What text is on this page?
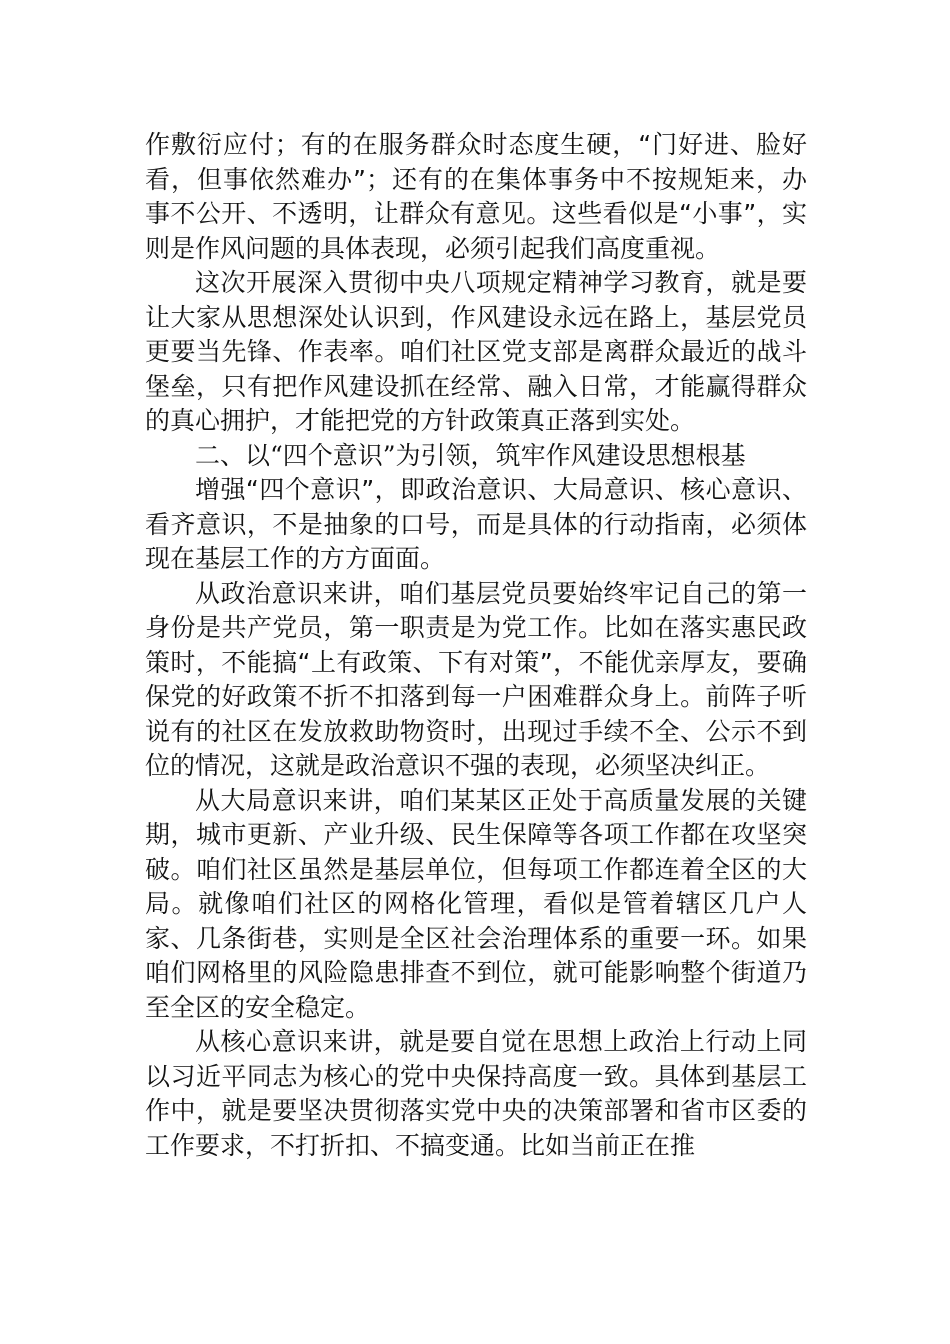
作敷衍应付；有的在服务群众时态度生硬，“门好进、脸好看，但事依然难办”；还有的在集体事务中不按规矩来，办事不公开、不透明，让群众有意见。这些看似是“小事”，实则是作风问题的具体表现，必须引起我们高度重视。

这次开展深入贯彻中央八项规定精神学习教育，就是要让大家从思想深处认识到，作风建设永远在路上，基层党员更要当先锋、作表率。咱们社区党支部是离群众最近的战斗堡垒，只有把作风建设抓在经常、融入日常，才能赢得群众的真心拥护，才能把党的方针政策真正落到实处。

二、以“四个意识”为引领，筑牢作风建设思想根基

增强“四个意识”，即政治意识、大局意识、核心意识、看齐意识，不是抽象的口号，而是具体的行动指南，必须体现在基层工作的方方面面。

从政治意识来讲，咱们基层党员要始终牢记自己的第一身份是共产党员，第一职责是为党工作。比如在落实惠民政策时，不能搞“上有政策、下有对策”，不能优亲厚友，要确保党的好政策不折不扣落到每一户困难群众身上。前阵子听说有的社区在发放救助物资时，出现过手续不全、公示不到位的情况，这就是政治意识不强的表现，必须坚决纠正。

从大局意识来讲，咱们某某区正处于高质量发展的关键期，城市更新、产业升级、民生保障等各项工作都在攻坚突破。咱们社区虽然是基层单位，但每项工作都连着全区的大局。就像咱们社区的网格化管理，看似是管着辖区几户人家、几条街巷，实则是全区社会治理体系的重要一环。如果咱们网格里的风险隐患排查不到位，就可能影响整个街道乃至全区的安全稳定。

从核心意识来讲，就是要自觉在思想上政治上行动上同以习近平同志为核心的党中央保持高度一致。具体到基层工作中，就是要坚决贯彻落实党中央的决策部署和省市区委的工作要求，不打折扣、不搞变通。比如当前正在推
